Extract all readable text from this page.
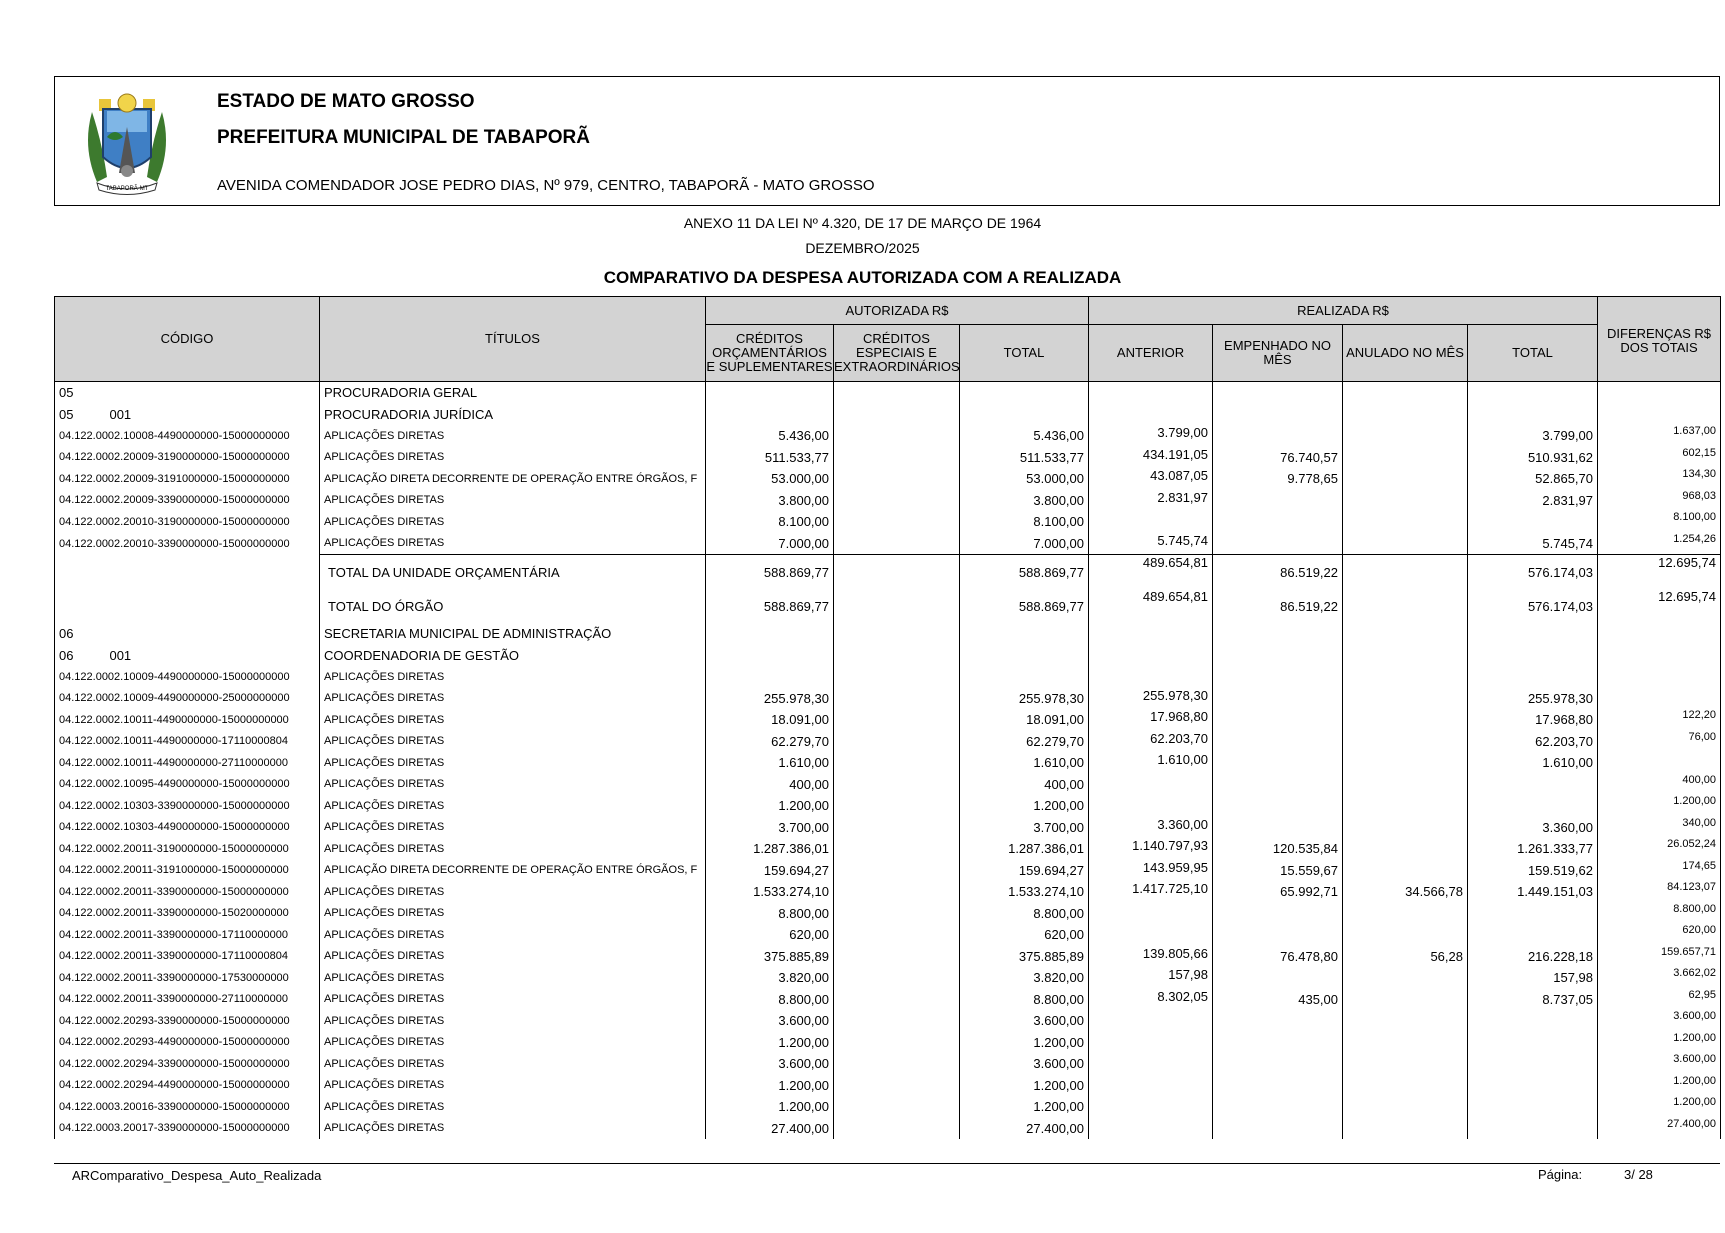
TABAPORÃ-MT
ESTADO DE MATO GROSSO
PREFEITURA MUNICIPAL DE TABAPORÃ
AVENIDA COMENDADOR JOSE PEDRO DIAS, Nº 979, CENTRO, TABAPORÃ - MATO GROSSO
ANEXO 11 DA LEI Nº 4.320, DE 17 DE MARÇO DE 1964
DEZEMBRO/2025
COMPARATIVO DA DESPESA AUTORIZADA COM A REALIZADA
CÓDIGO	TÍTULOS	AUTORIZADA R$			REALIZADA R$				DIFERENÇAS R$ DOS TOTAIS
		CRÉDITOS ORÇAMENTÁRIOS E SUPLEMENTARES	CRÉDITOS ESPECIAIS E EXTRAORDINÁRIOS	TOTAL	ANTERIOR	EMPENHADO NO MÊS	ANULADO NO MÊS	TOTAL	
05	PROCURADORIA GERAL								
05 001	PROCURADORIA JURÍDICA								
04.122.0002.10008-4490000000-15000000000	APLICAÇÕES DIRETAS	5.436,00		5.436,00	3.799,00			3.799,00	1.637,00
04.122.0002.20009-3190000000-15000000000	APLICAÇÕES DIRETAS	511.533,77		511.533,77	434.191,05	76.740,57		510.931,62	602,15
04.122.0002.20009-3191000000-15000000000	APLICAÇÃO DIRETA DECORRENTE DE OPERAÇÃO ENTRE ÓRGÃOS, F	53.000,00		53.000,00	43.087,05	9.778,65		52.865,70	134,30
04.122.0002.20009-3390000000-15000000000	APLICAÇÕES DIRETAS	3.800,00		3.800,00	2.831,97			2.831,97	968,03
04.122.0002.20010-3190000000-15000000000	APLICAÇÕES DIRETAS	8.100,00		8.100,00					8.100,00
04.122.0002.20010-3390000000-15000000000	APLICAÇÕES DIRETAS	7.000,00		7.000,00	5.745,74			5.745,74	1.254,26
	TOTAL DA UNIDADE ORÇAMENTÁRIA	588.869,77		588.869,77	489.654,81	86.519,22		576.174,03	12.695,74
	TOTAL DO ÓRGÃO	588.869,77		588.869,77	489.654,81	86.519,22		576.174,03	12.695,74
06	SECRETARIA MUNICIPAL DE ADMINISTRAÇÃO								
06 001	COORDENADORIA DE GESTÃO								
04.122.0002.10009-4490000000-15000000000	APLICAÇÕES DIRETAS								
04.122.0002.10009-4490000000-25000000000	APLICAÇÕES DIRETAS	255.978,30		255.978,30	255.978,30			255.978,30	
04.122.0002.10011-4490000000-15000000000	APLICAÇÕES DIRETAS	18.091,00		18.091,00	17.968,80			17.968,80	122,20
04.122.0002.10011-4490000000-17110000804	APLICAÇÕES DIRETAS	62.279,70		62.279,70	62.203,70			62.203,70	76,00
04.122.0002.10011-4490000000-27110000000	APLICAÇÕES DIRETAS	1.610,00		1.610,00	1.610,00			1.610,00	
04.122.0002.10095-4490000000-15000000000	APLICAÇÕES DIRETAS	400,00		400,00					400,00
04.122.0002.10303-3390000000-15000000000	APLICAÇÕES DIRETAS	1.200,00		1.200,00					1.200,00
04.122.0002.10303-4490000000-15000000000	APLICAÇÕES DIRETAS	3.700,00		3.700,00	3.360,00			3.360,00	340,00
04.122.0002.20011-3190000000-15000000000	APLICAÇÕES DIRETAS	1.287.386,01		1.287.386,01	1.140.797,93	120.535,84		1.261.333,77	26.052,24
04.122.0002.20011-3191000000-15000000000	APLICAÇÃO DIRETA DECORRENTE DE OPERAÇÃO ENTRE ÓRGÃOS, F	159.694,27		159.694,27	143.959,95	15.559,67		159.519,62	174,65
04.122.0002.20011-3390000000-15000000000	APLICAÇÕES DIRETAS	1.533.274,10		1.533.274,10	1.417.725,10	65.992,71	34.566,78	1.449.151,03	84.123,07
04.122.0002.20011-3390000000-15020000000	APLICAÇÕES DIRETAS	8.800,00		8.800,00					8.800,00
04.122.0002.20011-3390000000-17110000000	APLICAÇÕES DIRETAS	620,00		620,00					620,00
04.122.0002.20011-3390000000-17110000804	APLICAÇÕES DIRETAS	375.885,89		375.885,89	139.805,66	76.478,80	56,28	216.228,18	159.657,71
04.122.0002.20011-3390000000-17530000000	APLICAÇÕES DIRETAS	3.820,00		3.820,00	157,98			157,98	3.662,02
04.122.0002.20011-3390000000-27110000000	APLICAÇÕES DIRETAS	8.800,00		8.800,00	8.302,05	435,00		8.737,05	62,95
04.122.0002.20293-3390000000-15000000000	APLICAÇÕES DIRETAS	3.600,00		3.600,00					3.600,00
04.122.0002.20293-4490000000-15000000000	APLICAÇÕES DIRETAS	1.200,00		1.200,00					1.200,00
04.122.0002.20294-3390000000-15000000000	APLICAÇÕES DIRETAS	3.600,00		3.600,00					3.600,00
04.122.0002.20294-4490000000-15000000000	APLICAÇÕES DIRETAS	1.200,00		1.200,00					1.200,00
04.122.0003.20016-3390000000-15000000000	APLICAÇÕES DIRETAS	1.200,00		1.200,00					1.200,00
04.122.0003.20017-3390000000-15000000000	APLICAÇÕES DIRETAS	27.400,00		27.400,00					27.400,00
ARComparativo_Despesa_Auto_Realizada	Página:	3/ 28
